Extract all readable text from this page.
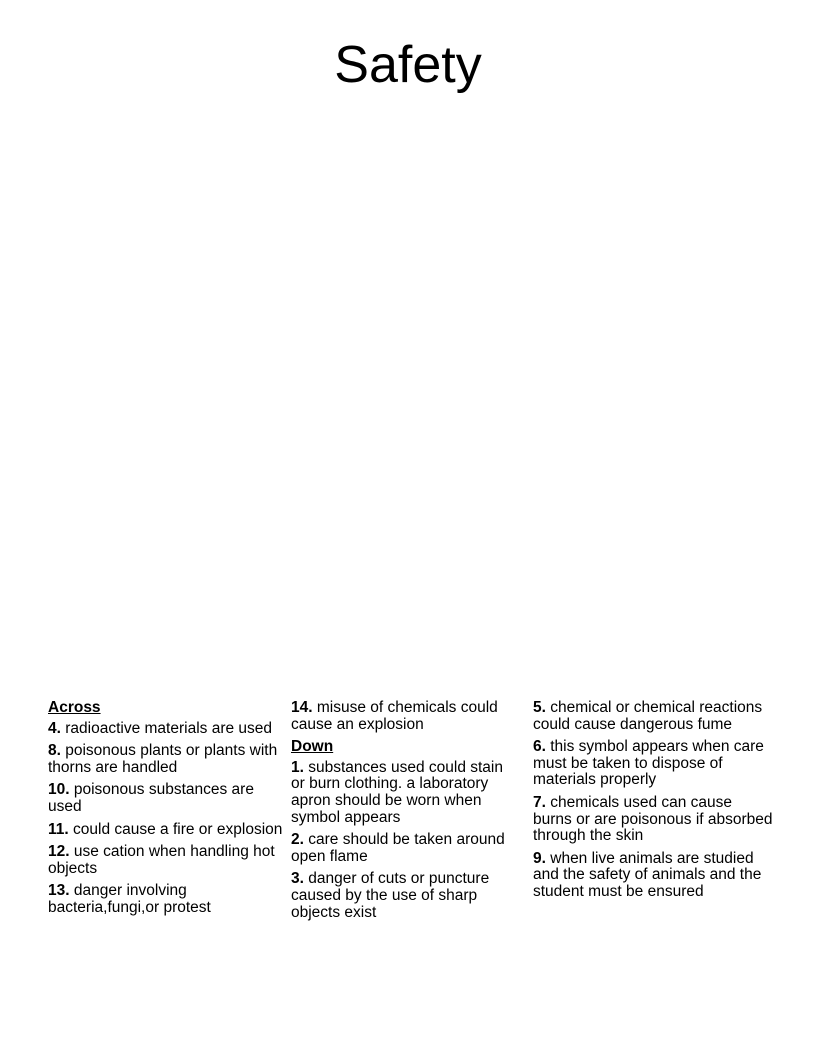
Safety
Across
4. radioactive materials are used
8. poisonous plants or plants with thorns are handled
10. poisonous substances are used
11. could cause a fire or explosion
12. use cation when handling hot objects
13. danger involving bacteria,fungi,or protest
14. misuse of chemicals could cause an explosion
Down
1. substances used could stain or burn clothing. a laboratory apron should be worn when symbol appears
2. care should be taken around open flame
3. danger of cuts or puncture caused by the use of sharp objects exist
5. chemical or chemical reactions could cause dangerous fume
6. this symbol appears when care must be taken to dispose of materials properly
7. chemicals used can cause burns or are poisonous if absorbed through the skin
9. when live animals are studied and the safety of animals and the student must be ensured
